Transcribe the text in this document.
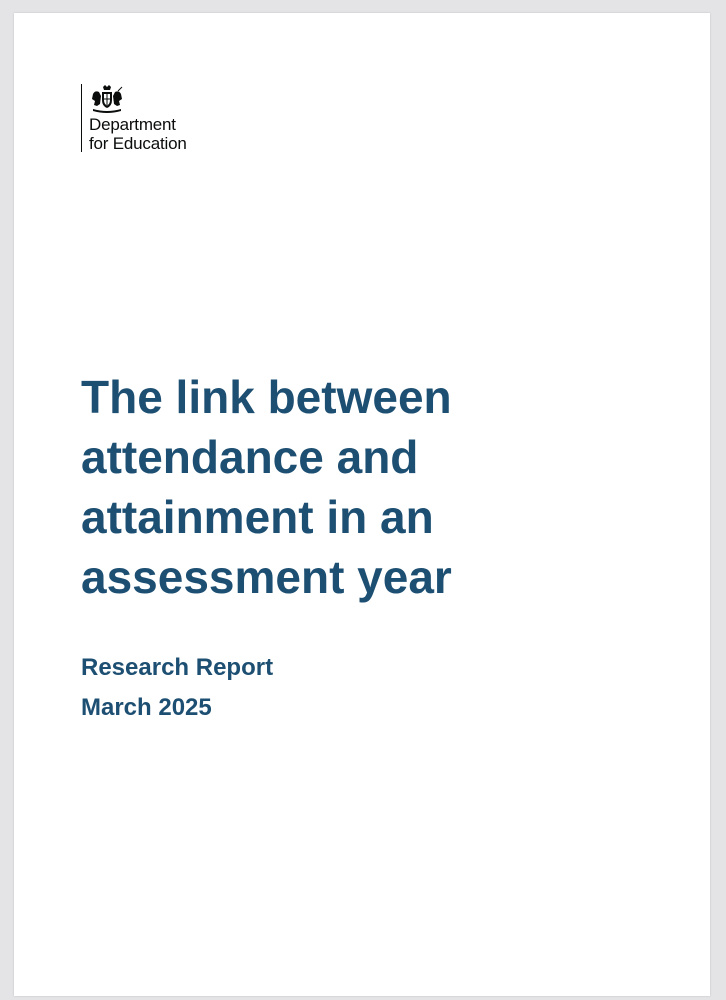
Department
for Education
The link between
attendance and
attainment in an
assessment year
Research Report
March 2025
